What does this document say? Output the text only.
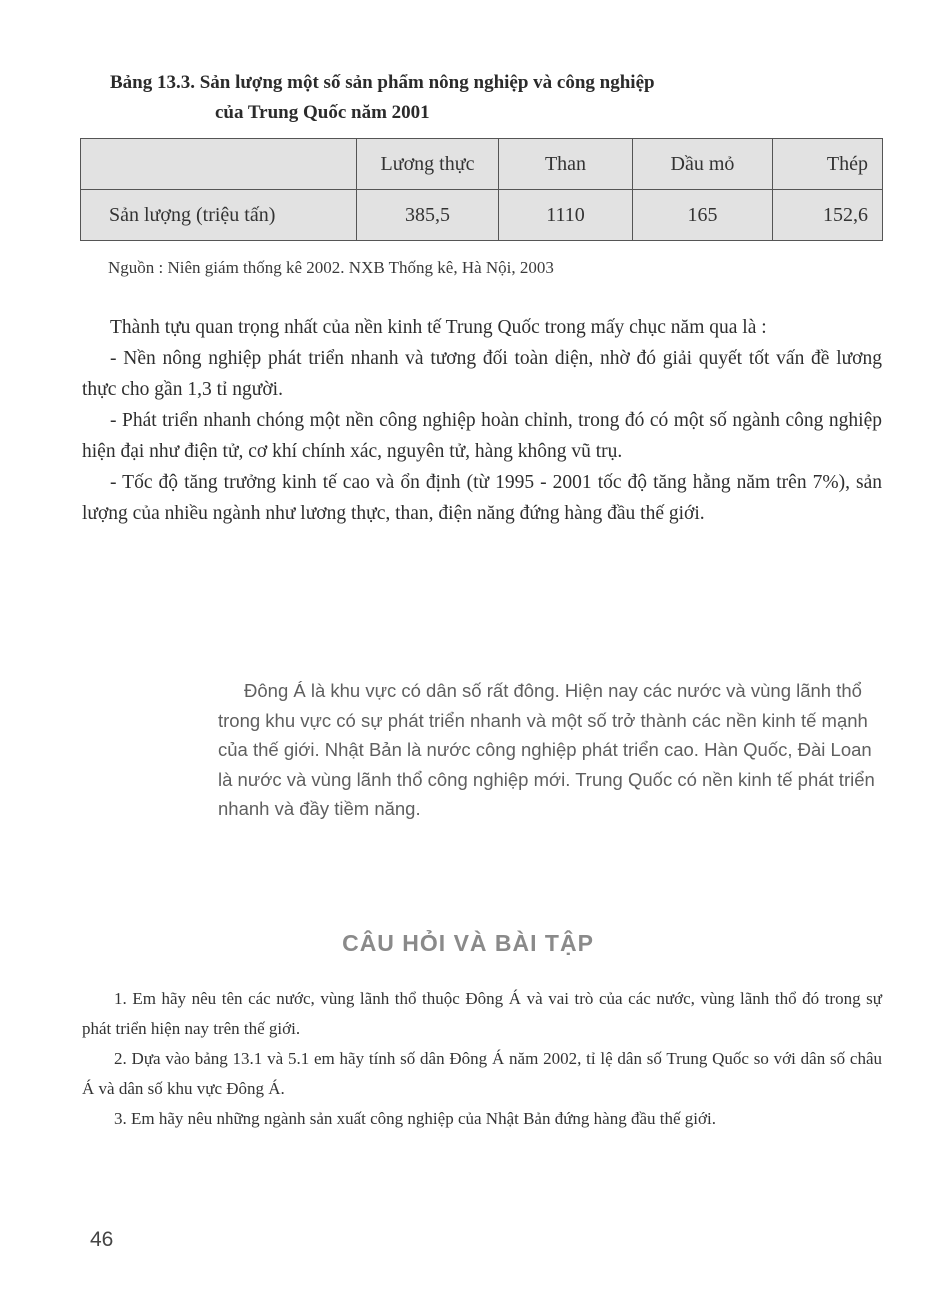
Bảng 13.3. Sản lượng một số sản phẩm nông nghiệp và công nghiệp
của Trung Quốc năm 2001
	Lương thực	Than	Dầu mỏ	Thép
Sản lượng (triệu tấn)	385,5	1110	165	152,6
Nguồn : Niên giám thống kê 2002. NXB Thống kê, Hà Nội, 2003

Thành tựu quan trọng nhất của nền kinh tế Trung Quốc trong mấy chục năm qua là :

- Nền nông nghiệp phát triển nhanh và tương đối toàn diện, nhờ đó giải quyết tốt vấn đề lương thực cho gần 1,3 tỉ người.

- Phát triển nhanh chóng một nền công nghiệp hoàn chỉnh, trong đó có một số ngành công nghiệp hiện đại như điện tử, cơ khí chính xác, nguyên tử, hàng không vũ trụ.

- Tốc độ tăng trưởng kinh tế cao và ổn định (từ 1995 - 2001 tốc độ tăng hằng năm trên 7%), sản lượng của nhiều ngành như lương thực, than, điện năng đứng hàng đầu thế giới.

Đông Á là khu vực có dân số rất đông. Hiện nay các nước và vùng lãnh thổ trong khu vực có sự phát triển nhanh và một số trở thành các nền kinh tế mạnh của thế giới. Nhật Bản là nước công nghiệp phát triển cao. Hàn Quốc, Đài Loan là nước và vùng lãnh thổ công nghiệp mới. Trung Quốc có nền kinh tế phát triển nhanh và đầy tiềm năng.
CÂU HỎI VÀ BÀI TẬP

1. Em hãy nêu tên các nước, vùng lãnh thổ thuộc Đông Á và vai trò của các nước, vùng lãnh thổ đó trong sự phát triển hiện nay trên thế giới.

2. Dựa vào bảng 13.1 và 5.1 em hãy tính số dân Đông Á năm 2002, tỉ lệ dân số Trung Quốc so với dân số châu Á và dân số khu vực Đông Á.

3. Em hãy nêu những ngành sản xuất công nghiệp của Nhật Bản đứng hàng đầu thế giới.

46
